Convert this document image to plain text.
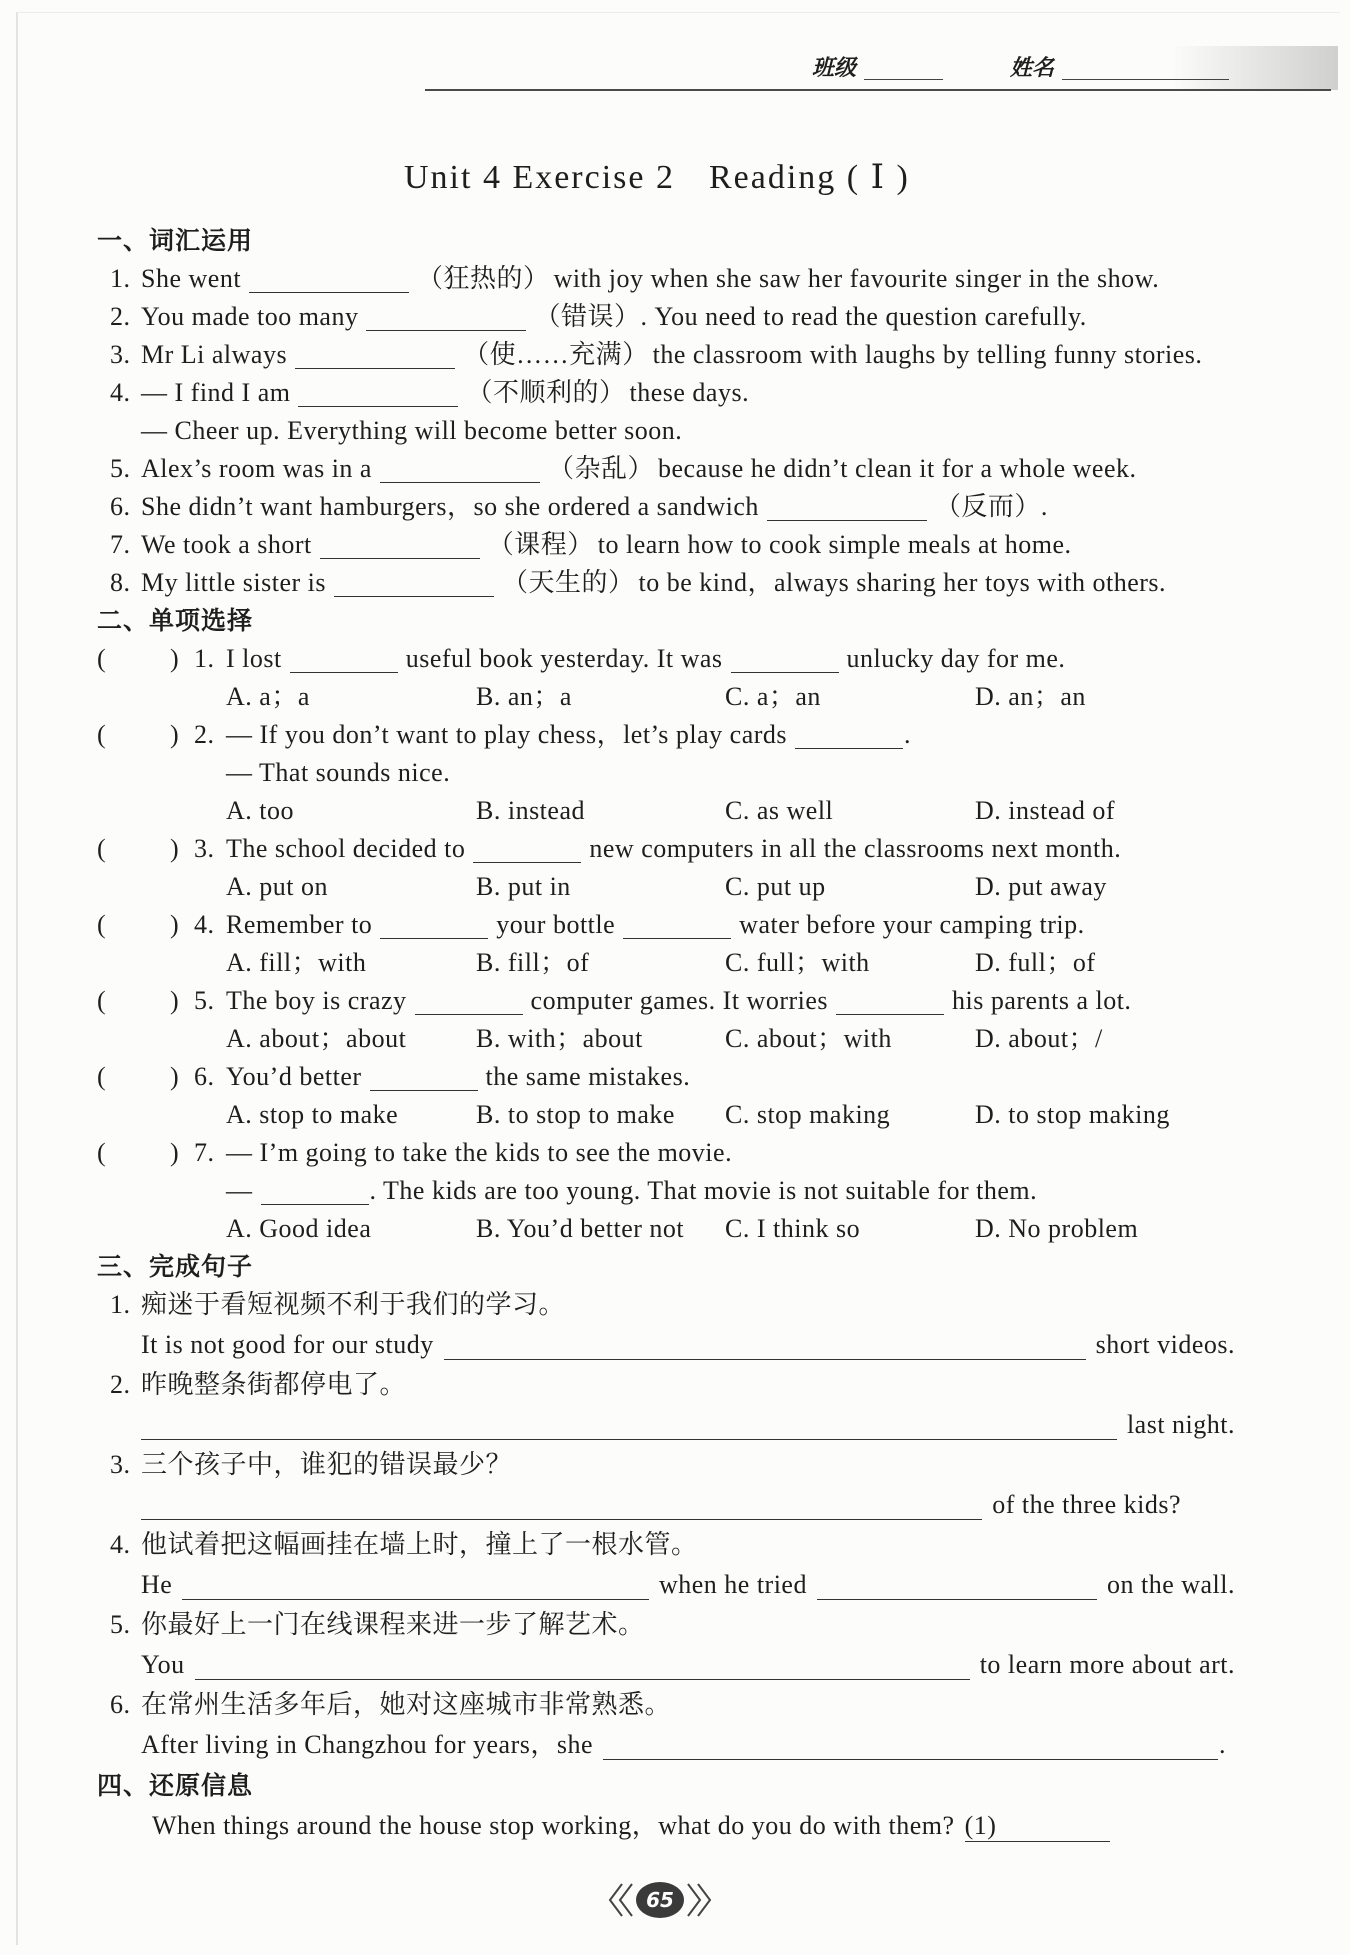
班级	姓名
Unit 4 Exercise 2 Reading ( Ⅰ )
一、词汇运用
1. She went	（狂热的） with joy when she saw her favourite singer in the show.
2. You made too many	（错误）. You need to read the question carefully.
3. Mr Li always	（使……充满） the classroom with laughs by telling funny stories.
4. — I find I am	（不顺利的） these days.
— Cheer up. Everything will become better soon.
5. Alex’s room was in a	（杂乱） because he didn’t clean it for a whole week.
6. She didn’t want hamburgers，so she ordered a sandwich	（反而）.
7. We took a short	（课程） to learn how to cook simple meals at home.
8. My little sister is	（天生的） to be kind，always sharing her toys with others.
二、单项选择
( ) 1. I lost	useful book yesterday. It was	unlucky day for me.
A. a；a	B. an；a	C. a；an	D. an；an
( ) 2. — If you don’t want to play chess，let’s play cards	.
— That sounds nice.
A. too	B. instead	C. as well	D. instead of
( ) 3. The school decided to	new computers in all the classrooms next month.
A. put on	B. put in	C. put up	D. put away
( ) 4. Remember to	your bottle	water before your camping trip.
A. fill；with	B. fill；of	C. full；with	D. full；of
( ) 5. The boy is crazy	computer games. It worries	his parents a lot.
A. about；about	B. with；about	C. about；with	D. about；/
( ) 6. You’d better	the same mistakes.
A. stop to make	B. to stop to make C. stop making	D. to stop making
( ) 7. — I’m going to take the kids to see the movie.
—	. The kids are too young. That movie is not suitable for them.
A. Good idea	B. You’d better not C. I think so	D. No problem
三、完成句子
1. 痴迷于看短视频不利于我们的学习。
It is not good for our study	short videos.
2. 昨晚整条街都停电了。
last night.
3. 三个孩子中，谁犯的错误最少？
of the three kids?
4. 他试着把这幅画挂在墙上时，撞上了一根水管。
He	when he tried	on the wall.
5. 你最好上一门在线课程来进一步了解艺术。
You	to learn more about art.
6. 在常州生活多年后，她对这座城市非常熟悉。
After living in Changzhou for years，she	.
四、还原信息
When things around the house stop working，what do you do with them? (1)
65
